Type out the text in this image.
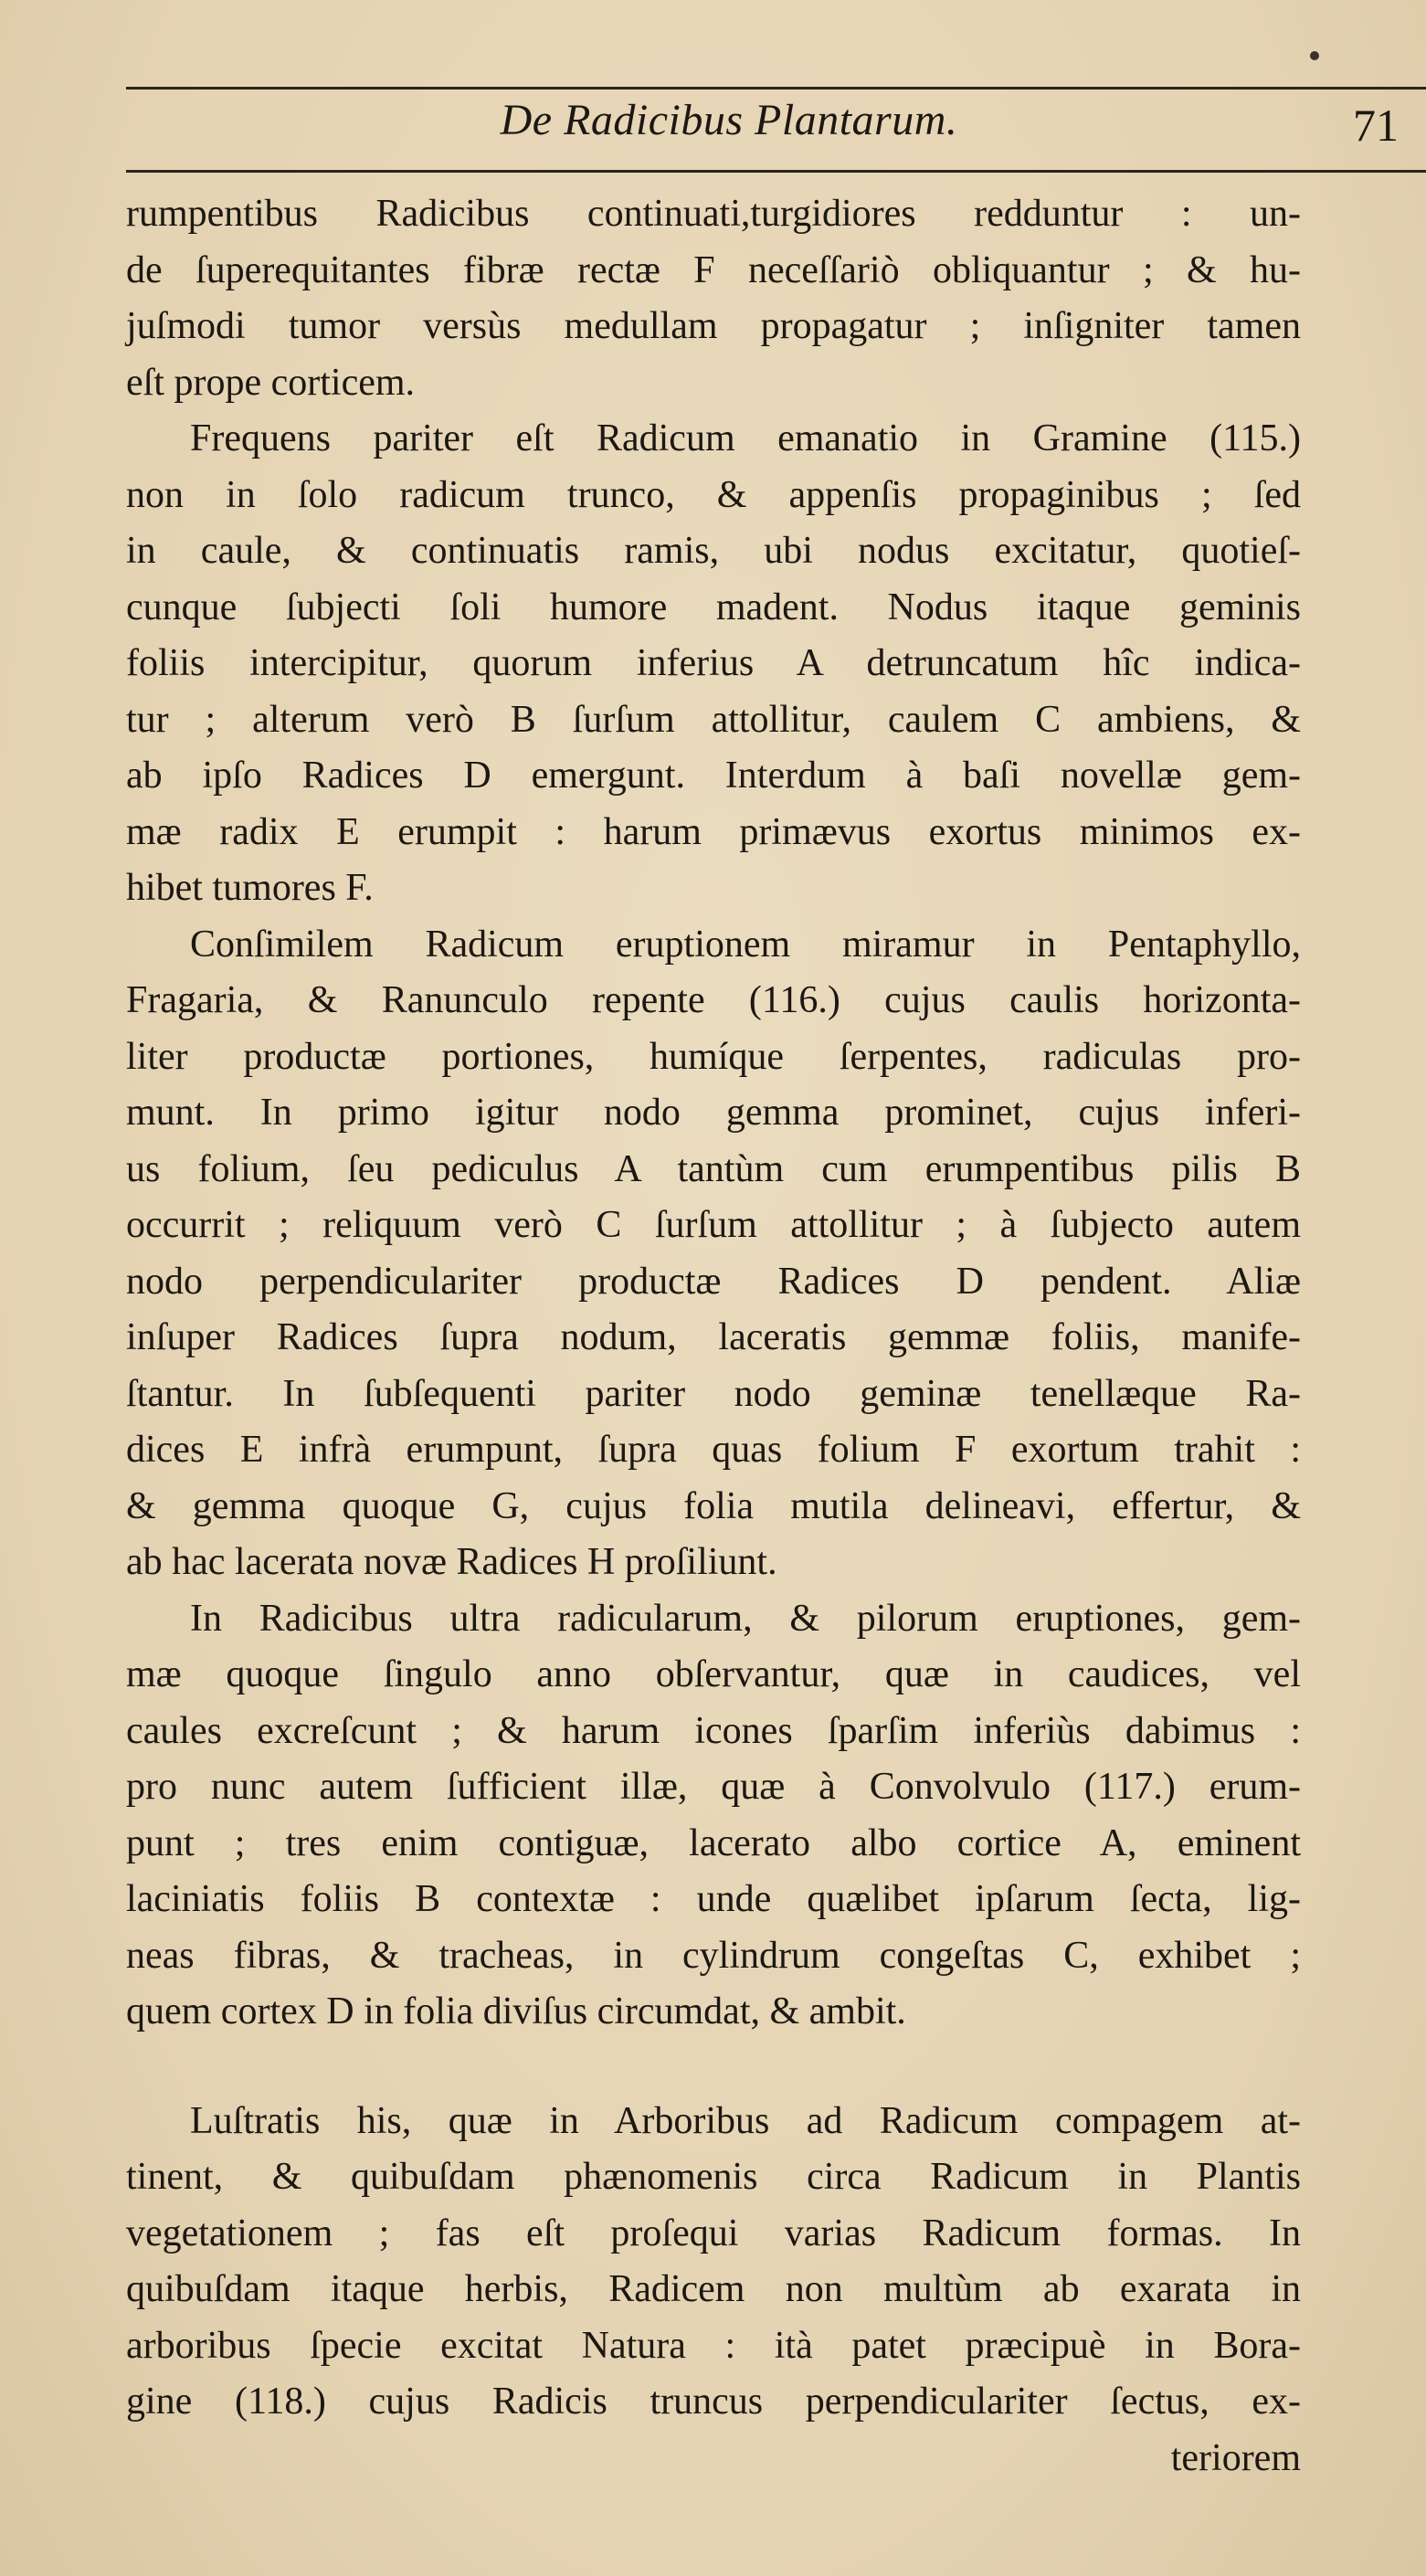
De Radicibus Plantarum.	71

rumpentibus Radicibus continuati,turgidiores redduntur : un-

de ſuperequitantes fibræ rectæ F neceſſariò obliquantur ; & hu-

juſmodi tumor versùs medullam propagatur ; inſigniter tamen

eſt prope corticem.

Frequens pariter eſt Radicum emanatio in Gramine (115.)

non in ſolo radicum trunco, & appenſis propaginibus ; ſed

in caule, & continuatis ramis, ubi nodus excitatur, quotieſ-

cunque ſubjecti ſoli humore madent. Nodus itaque geminis

foliis intercipitur, quorum inferius A detruncatum hîc indica-

tur ; alterum verò B ſurſum attollitur, caulem C ambiens, &

ab ipſo Radices D emergunt. Interdum à baſi novellæ gem-

mæ radix E erumpit : harum primævus exortus minimos ex-

hibet tumores F.

Conſimilem Radicum eruptionem miramur in Pentaphyllo,

Fragaria, & Ranunculo repente (116.) cujus caulis horizonta-

liter productæ portiones, humíque ſerpentes, radiculas pro-

munt. In primo igitur nodo gemma prominet, cujus inferi-

us folium, ſeu pediculus A tantùm cum erumpentibus pilis B

occurrit ; reliquum verò C ſurſum attollitur ; à ſubjecto autem

nodo perpendiculariter productæ Radices D pendent. Aliæ

inſuper Radices ſupra nodum, laceratis gemmæ foliis, manife-

ſtantur. In ſubſequenti pariter nodo geminæ tenellæque Ra-

dices E infrà erumpunt, ſupra quas folium F exortum trahit :

& gemma quoque G, cujus folia mutila delineavi, effertur, &

ab hac lacerata novæ Radices H proſiliunt.

In Radicibus ultra radicularum, & pilorum eruptiones, gem-

mæ quoque ſingulo anno obſervantur, quæ in caudices, vel

caules excreſcunt ; & harum icones ſparſim inferiùs dabimus :

pro nunc autem ſufficient illæ, quæ à Convolvulo (117.) erum-

punt ; tres enim contiguæ, lacerato albo cortice A, eminent

laciniatis foliis B contextæ : unde quælibet ipſarum ſecta, lig-

neas fibras, & tracheas, in cylindrum congeſtas C, exhibet ;

quem cortex D in folia diviſus circumdat, & ambit.

Luſtratis his, quæ in Arboribus ad Radicum compagem at-

tinent, & quibuſdam phænomenis circa Radicum in Plantis

vegetationem ; fas eſt proſequi varias Radicum formas. In

quibuſdam itaque herbis, Radicem non multùm ab exarata in

arboribus ſpecie excitat Natura : ità patet præcipuè in Bora-

gine (118.) cujus Radicis truncus perpendiculariter ſectus, ex-

teriorem
